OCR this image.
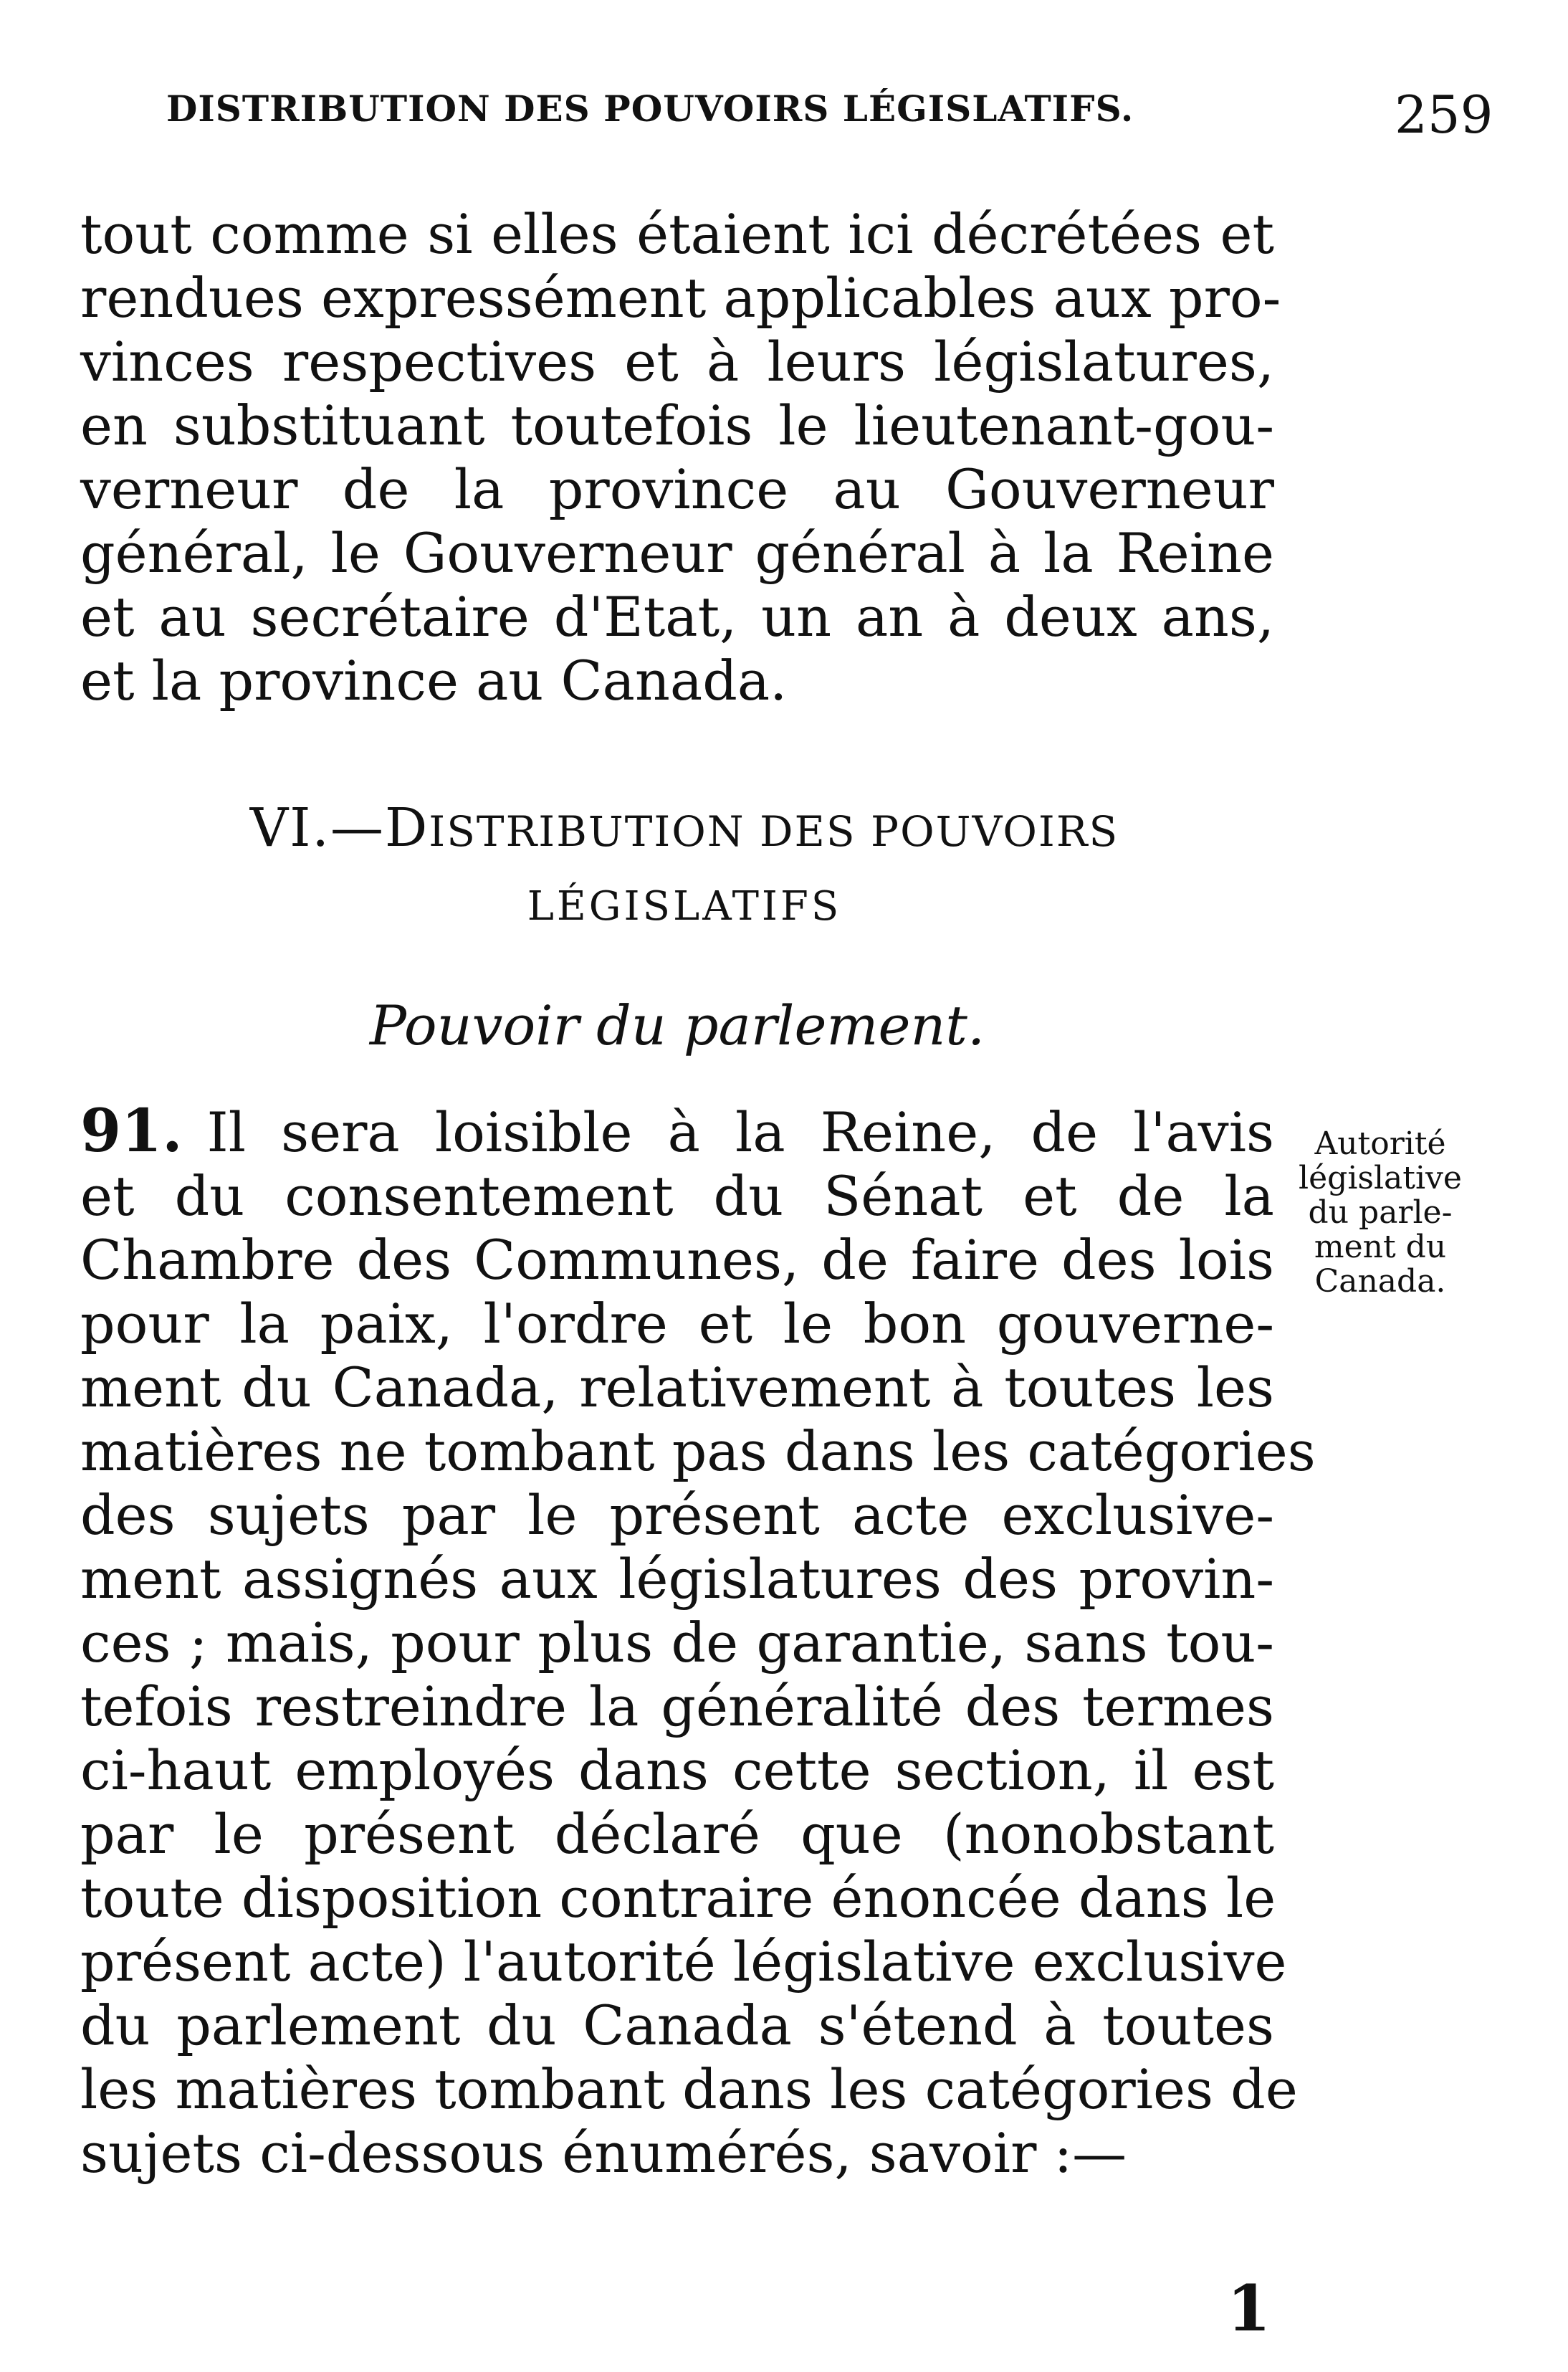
DISTRIBUTION DES POUVOIRS LÉGISLATIFS.	259
tout comme si elles étaient ici décrétées et
rendues expressément applicables aux pro-
vinces respectives et à leurs législatures,
en substituant toutefois le lieutenant-gou-
verneur de la province au Gouverneur
général, le Gouverneur général à la Reine
et au secrétaire d'Etat, un an à deux ans,
et la province au Canada.
VI.—DISTRIBUTION DES POUVOIRS
LÉGISLATIFS
Pouvoir du parlement.
91. Il sera loisible à la Reine, de l'avis
et du consentement du Sénat et de la
Chambre des Communes, de faire des lois
pour la paix, l'ordre et le bon gouverne-
ment du Canada, relativement à toutes les
matières ne tombant pas dans les catégories
des sujets par le présent acte exclusive-
ment assignés aux législatures des provin-
ces ; mais, pour plus de garantie, sans tou-
tefois restreindre la généralité des termes
ci-haut employés dans cette section, il est
par le présent déclaré que (nonobstant
toute disposition contraire énoncée dans le
présent acte) l'autorité législative exclusive
du parlement du Canada s'étend à toutes
les matières tombant dans les catégories de
sujets ci-dessous énumérés, savoir :—
Autorité
législative
du parle-
ment du
Canada.
1
